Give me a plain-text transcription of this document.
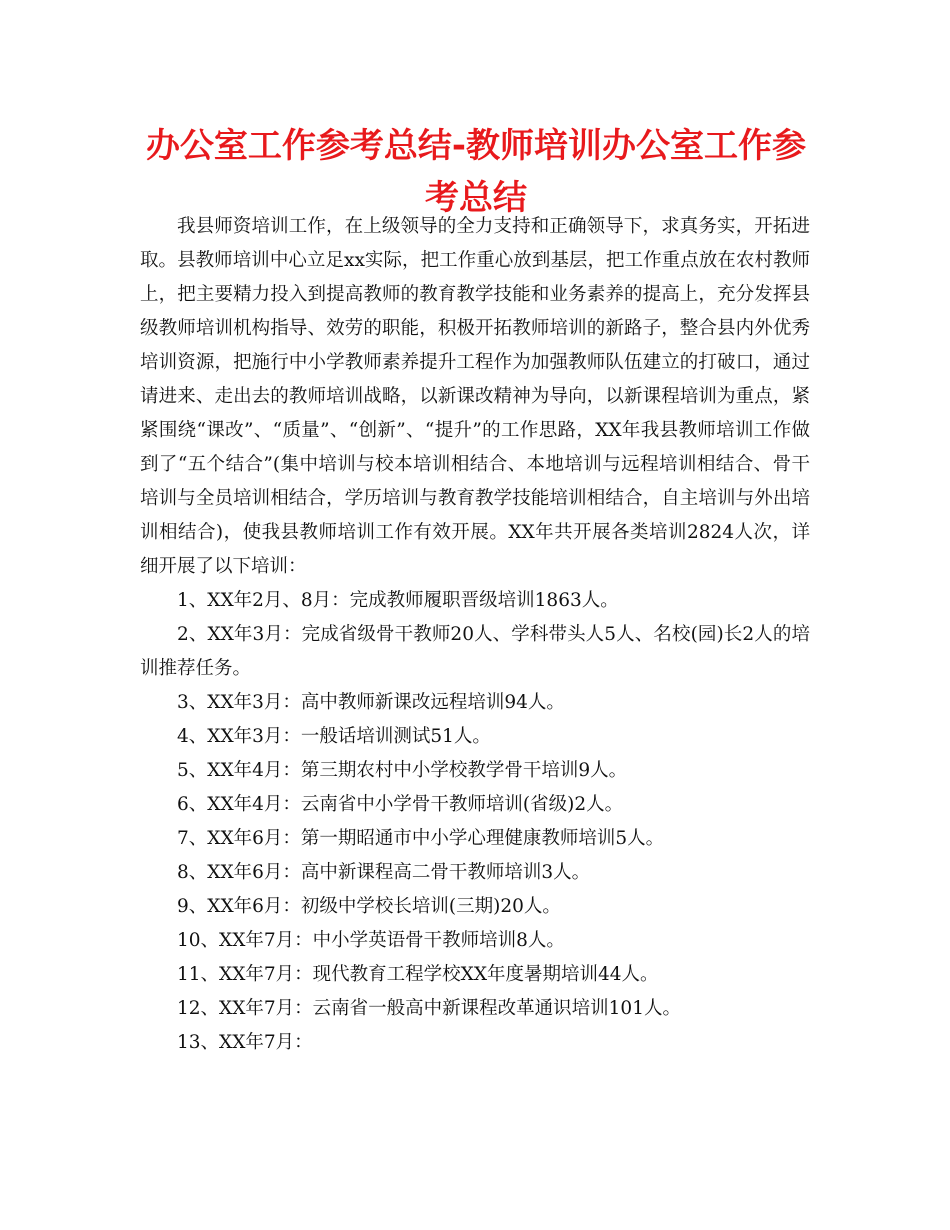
办公室工作参考总结-教师培训办公室工作参考总结

我县师资培训工作，在上级领导的全力支持和正确领导下，求真务实，开拓进取。县教师培训中心立足xx实际，把工作重心放到基层，把工作重点放在农村教师上，把主要精力投入到提高教师的教育教学技能和业务素养的提高上，充分发挥县级教师培训机构指导、效劳的职能，积极开拓教师培训的新路子，整合县内外优秀培训资源，把施行中小学教师素养提升工程作为加强教师队伍建立的打破口，通过请进来、走出去的教师培训战略，以新课改精神为导向，以新课程培训为重点，紧紧围绕“课改”、“质量”、“创新”、“提升”的工作思路，XX年我县教师培训工作做到了“五个结合”(集中培训与校本培训相结合、本地培训与远程培训相结合、骨干培训与全员培训相结合，学历培训与教育教学技能培训相结合，自主培训与外出培训相结合)，使我县教师培训工作有效开展。XX年共开展各类培训2824人次，详细开展了以下培训：

1、XX年2月、8月：完成教师履职晋级培训1863人。

2、XX年3月：完成省级骨干教师20人、学科带头人5人、名校(园)长2人的培训推荐任务。

3、XX年3月：高中教师新课改远程培训94人。

4、XX年3月：一般话培训测试51人。

5、XX年4月：第三期农村中小学校教学骨干培训9人。

6、XX年4月：云南省中小学骨干教师培训(省级)2人。

7、XX年6月：第一期昭通市中小学心理健康教师培训5人。

8、XX年6月：高中新课程高二骨干教师培训3人。

9、XX年6月：初级中学校长培训(三期)20人。

10、XX年7月：中小学英语骨干教师培训8人。

11、XX年7月：现代教育工程学校XX年度暑期培训44人。

12、XX年7月：云南省一般高中新课程改革通识培训101人。

13、XX年7月：
